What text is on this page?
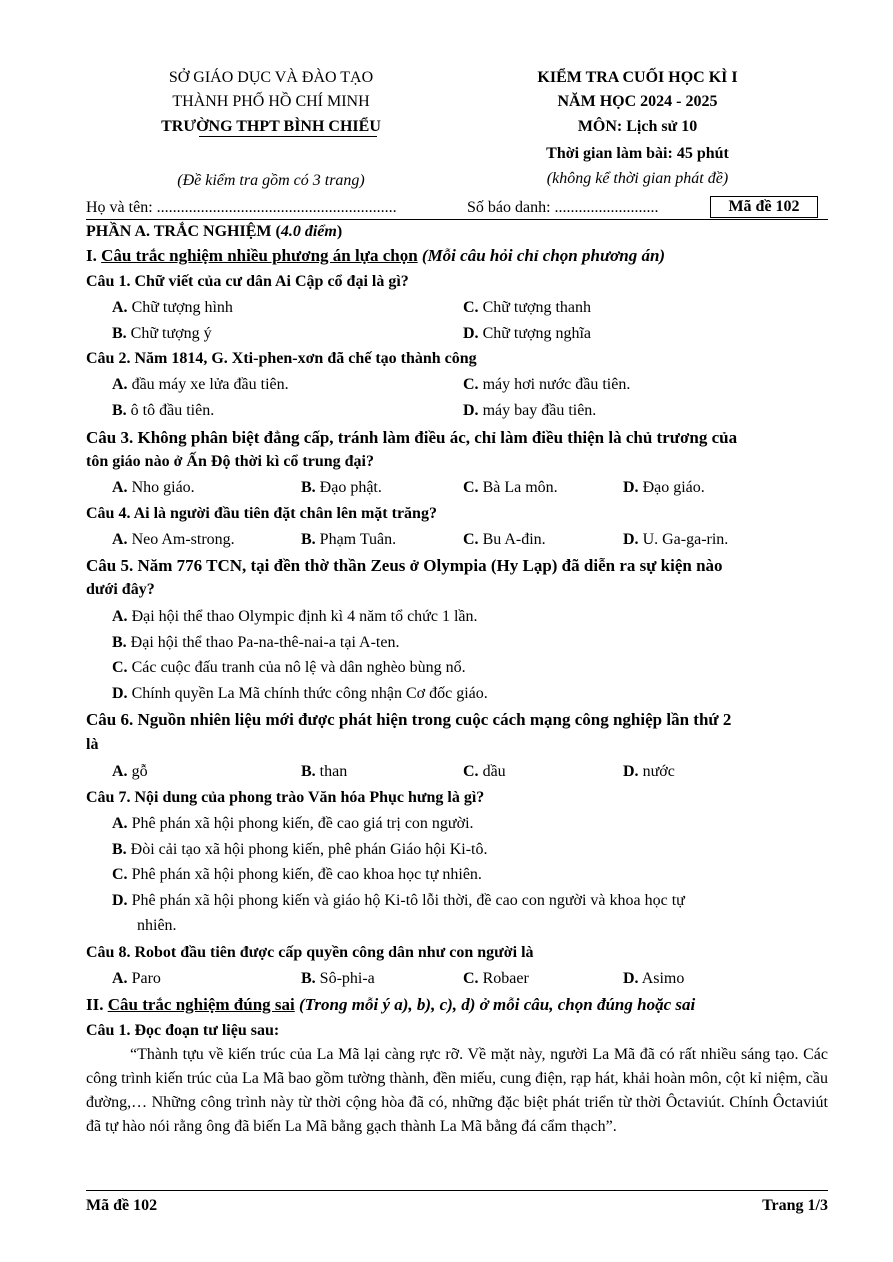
SỞ GIÁO DỤC VÀ ĐÀO TẠO
THÀNH PHỐ HỒ CHÍ MINH
TRƯỜNG THPT BÌNH CHIỂU
(Đề kiểm tra gồm có 3 trang)
KIỂM TRA CUỐI HỌC KÌ I
NĂM HỌC 2024 - 2025
MÔN: Lịch sử 10
Thời gian làm bài: 45 phút
(không kể thời gian phát đề)
Họ và tên: ............................................................	Số báo danh: ..........................	Mã đề 102
PHẦN A. TRẮC NGHIỆM (4.0 điểm)
I. Câu trắc nghiệm nhiều phương án lựa chọn (Mỗi câu hỏi chỉ chọn phương án)
Câu 1. Chữ viết của cư dân Ai Cập cổ đại là gì?
A. Chữ tượng hình	C. Chữ tượng thanh
B. Chữ tượng ý	D. Chữ tượng nghĩa
Câu 2. Năm 1814, G. Xti-phen-xơn đã chế tạo thành công
A. đầu máy xe lửa đầu tiên.	C. máy hơi nước đầu tiên.
B. ô tô đầu tiên.	D. máy bay đầu tiên.
Câu 3. Không phân biệt đẳng cấp, tránh làm điều ác, chỉ làm điều thiện là chủ trương của
tôn giáo nào ở Ấn Độ thời kì cổ trung đại?
A. Nho giáo.	B. Đạo phật.	C. Bà La môn.	D. Đạo giáo.
Câu 4. Ai là người đầu tiên đặt chân lên mặt trăng?
A. Neo Am-strong.	B. Phạm Tuân.	C. Bu A-đin.	D. U. Ga-ga-rin.
Câu 5. Năm 776 TCN, tại đền thờ thần Zeus ở Olympia (Hy Lạp) đã diễn ra sự kiện nào
dưới đây?
A. Đại hội thể thao Olympic định kì 4 năm tổ chức 1 lần.
B. Đại hội thể thao Pa-na-thê-nai-a tại A-ten.
C. Các cuộc đấu tranh của nô lệ và dân nghèo bùng nổ.
D. Chính quyền La Mã chính thức công nhận Cơ đốc giáo.
Câu 6. Nguồn nhiên liệu mới được phát hiện trong cuộc cách mạng công nghiệp lần thứ 2
là
A. gỗ	B. than	C. dầu	D. nước
Câu 7. Nội dung của phong trào Văn hóa Phục hưng là gì?
A. Phê phán xã hội phong kiến, đề cao giá trị con người.
B. Đòi cải tạo xã hội phong kiến, phê phán Giáo hội Ki-tô.
C. Phê phán xã hội phong kiến, đề cao khoa học tự nhiên.
D. Phê phán xã hội phong kiến và giáo hộ Ki-tô lỗi thời, đề cao con người và khoa học tự
nhiên.
Câu 8. Robot đầu tiên được cấp quyền công dân như con người là
A. Paro	B. Sô-phi-a	C. Robaer	D. Asimo
II. Câu trắc nghiệm đúng sai (Trong mỗi ý a), b), c), d) ở mỗi câu, chọn đúng hoặc sai
Câu 1. Đọc đoạn tư liệu sau:
“Thành tựu về kiến trúc của La Mã lại càng rực rỡ. Về mặt này, người La Mã đã có rất nhiều sáng tạo. Các công trình kiến trúc của La Mã bao gồm tường thành, đền miếu, cung điện, rạp hát, khải hoàn môn, cột kỉ niệm, cầu đường,… Những công trình này từ thời cộng hòa đã có, những đặc biệt phát triển từ thời Ôctaviút. Chính Ôctaviút đã tự hào nói rằng ông đã biến La Mã bằng gạch thành La Mã bằng đá cẩm thạch”.
Mã đề 102	Trang 1/3
